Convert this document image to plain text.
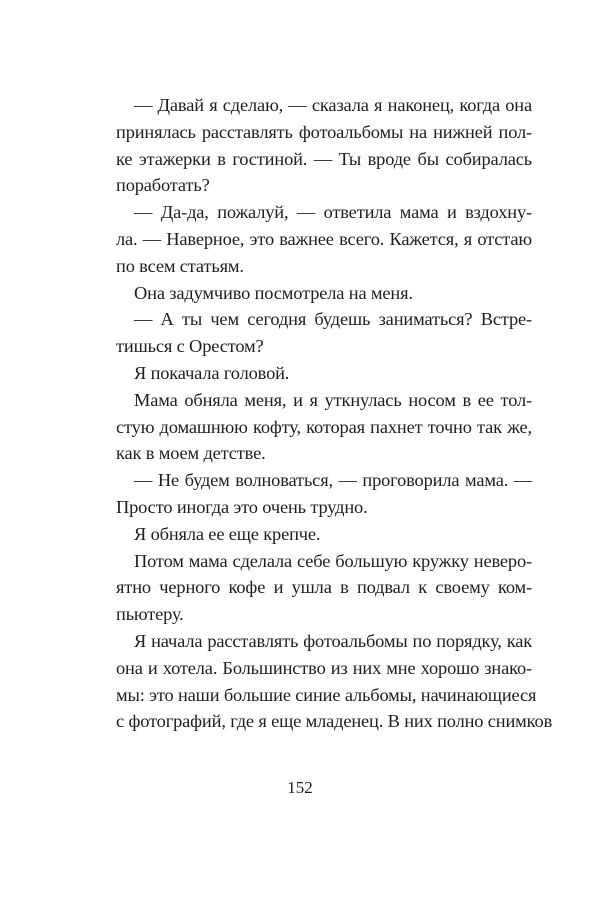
— Давай я сделаю, — сказала я наконец, когда она
принялась расставлять фотоальбомы на нижней пол-
ке этажерки в гостиной. — Ты вроде бы собиралась
поработать?
— Да-да, пожалуй, — ответила мама и вздохну-
ла. — Наверное, это важнее всего. Кажется, я отстаю
по всем статьям.
Она задумчиво посмотрела на меня.
— А ты чем сегодня будешь заниматься? Встре-
тишься с Орестом?
Я покачала головой.
Мама обняла меня, и я уткнулась носом в ее тол-
стую домашнюю кофту, которая пахнет точно так же,
как в моем детстве.
— Не будем волноваться, — проговорила мама. —
Просто иногда это очень трудно.
Я обняла ее еще крепче.
Потом мама сделала себе большую кружку неверо-
ятно черного кофе и ушла в подвал к своему ком-
пьютеру.
Я начала расставлять фотоальбомы по порядку, как
она и хотела. Большинство из них мне хорошо знако-
мы: это наши большие синие альбомы, начинающиеся
с фотографий, где я еще младенец. В них полно снимков
152
